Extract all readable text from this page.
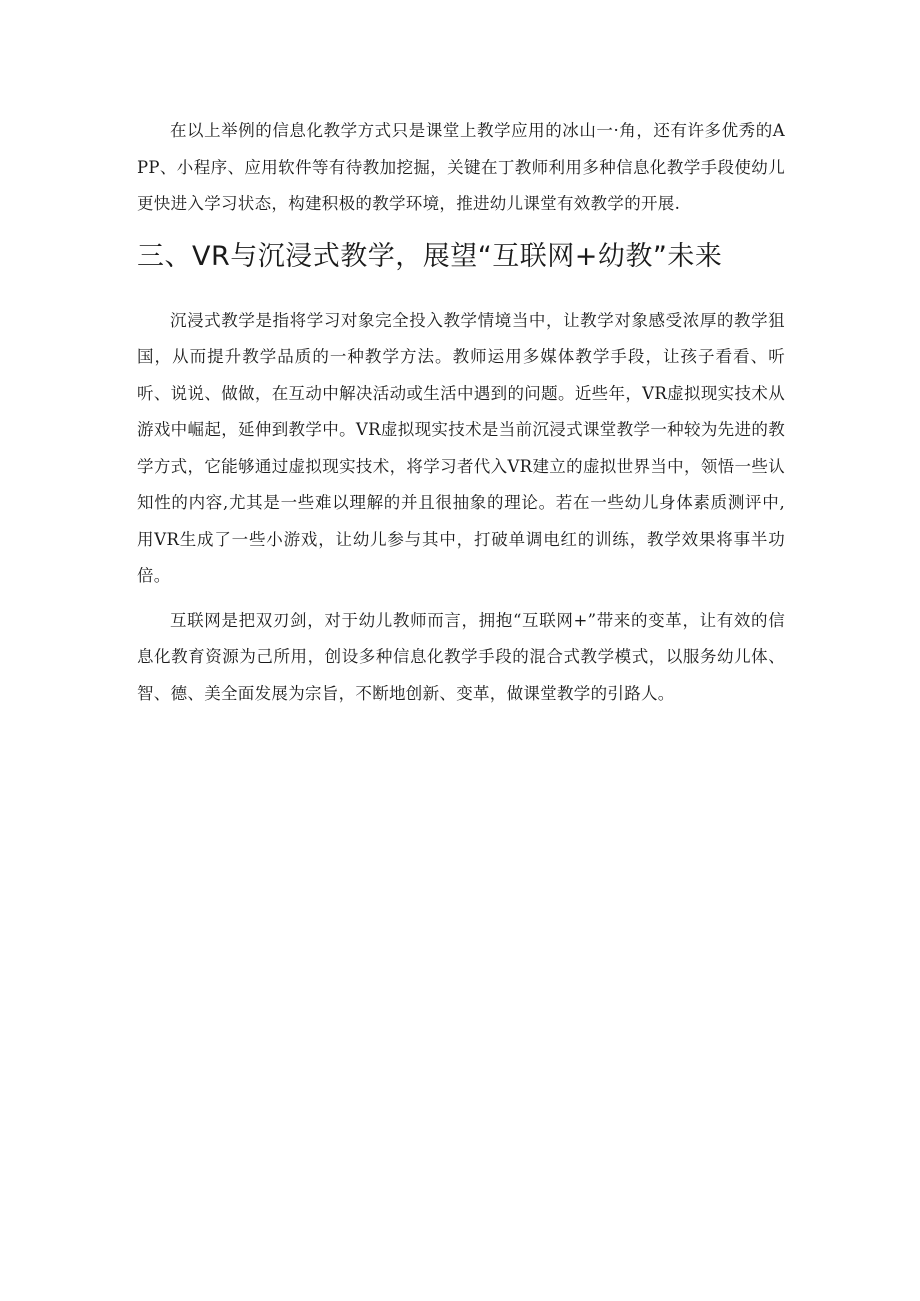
在以上举例的信息化教学方式只是课堂上教学应用的冰山一·角，还有许多优秀的APP、小程序、应用软件等有待教加挖掘，关键在丁教师利用多种信息化教学手段使幼儿更快进入学习状态，构建积极的教学环境，推进幼儿课堂有效教学的开展.

三、VR与沉浸式教学，展望“互联网+幼教”未来

沉浸式教学是指将学习对象完全投入教学情境当中，让教学对象感受浓厚的教学狙国，从而提升教学品质的一种教学方法。教师运用多媒体教学手段，让孩子看看、听听、说说、做做，在互动中解决活动或生活中遇到的问题。近些年，VR虚拟现实技术从游戏中崛起，延伸到教学中。VR虚拟现实技术是当前沉浸式课堂教学一种较为先进的教学方式，它能够通过虚拟现实技术，将学习者代入VR建立的虚拟世界当中，领悟一些认知性的内容,尤其是一些难以理解的并且很抽象的理论。若在一些幼儿身体素质测评中,用VR生成了一些小游戏，让幼儿参与其中，打破单调电红的训练，教学效果将事半功倍。

互联网是把双刃剑，对于幼儿教师而言，拥抱“互联网+”带来的变革，让有效的信息化教育资源为己所用，创设多种信息化教学手段的混合式教学模式，以服务幼儿体、智、德、美全面发展为宗旨，不断地创新、变革，做课堂教学的引路人。
